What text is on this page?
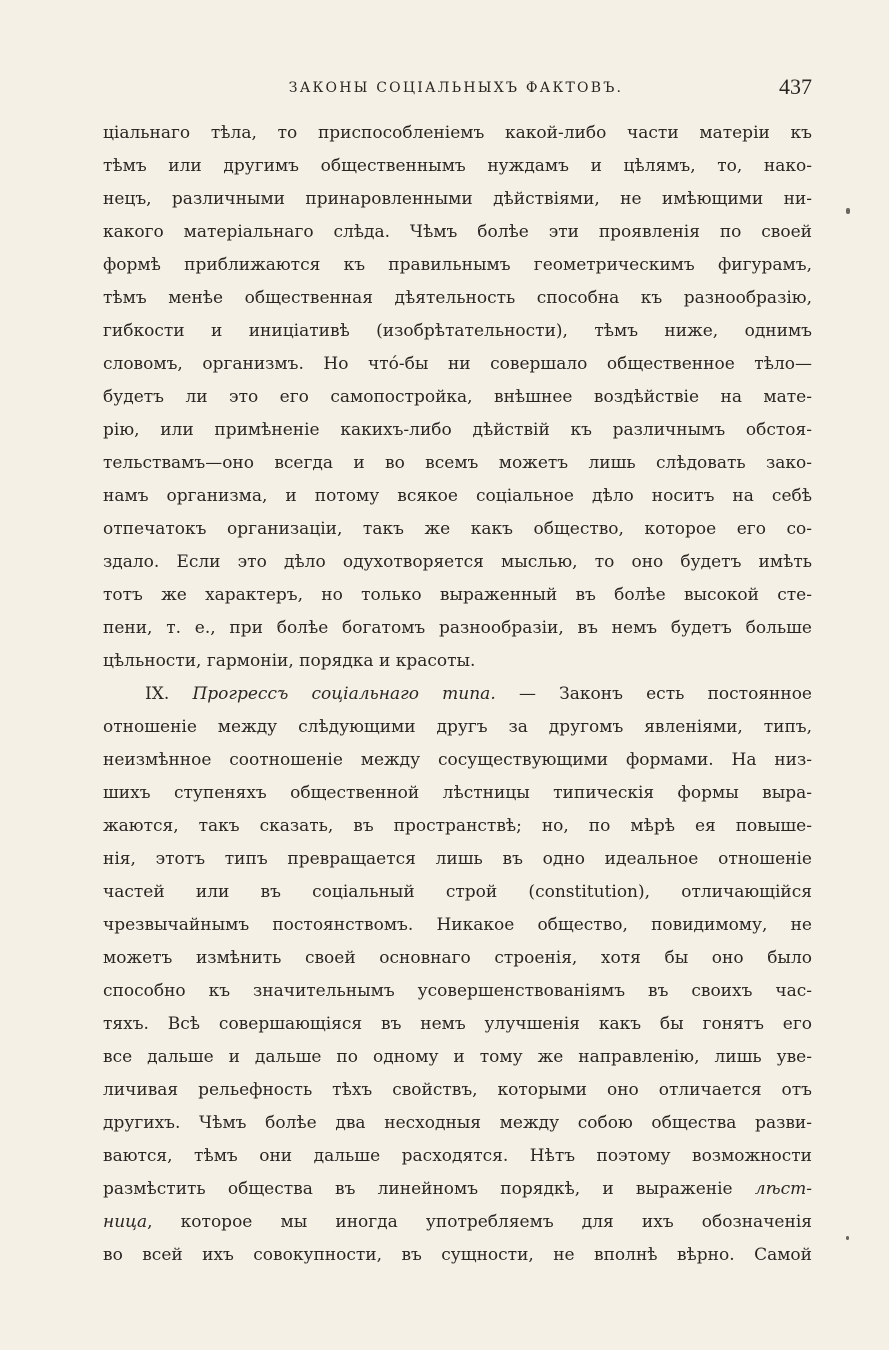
ЗАКОНЫ СОЦІАЛЬНЫХЪ ФАКТОВЪ.	437
ціальнаго тѣла, то приспособленіемъ какой-либо части матеріи къ
тѣмъ или другимъ общественнымъ нуждамъ и цѣлямъ, то, нако-
нецъ, различными принаровленными дѣйствіями, не имѣющими ни-
какого матеріальнаго слѣда. Чѣмъ болѣе эти проявленія по своей
формѣ приближаются къ правильнымъ геометрическимъ фигурамъ,
тѣмъ менѣе общественная дѣятельность способна къ разнообразію,
гибкости и иниціативѣ (изобрѣтательности), тѣмъ ниже, однимъ
словомъ, организмъ. Но чтó-бы ни совершало общественное тѣло—
будетъ ли это его самопостройка, внѣшнее воздѣйствіе на мате-
рію, или примѣненіе какихъ-либо дѣйствій къ различнымъ обстоя-
тельствамъ—оно всегда и во всемъ можетъ лишь слѣдовать зако-
намъ организма, и потому всякое соціальное дѣло носитъ на себѣ
отпечатокъ организаціи, такъ же какъ общество, которое его со-
здало. Если это дѣло одухотворяется мыслью, то оно будетъ имѣть
тотъ же характеръ, но только выраженный въ болѣе высокой сте-
пени, т. е., при болѣе богатомъ разнообразіи, въ немъ будетъ больше
цѣльности, гармоніи, порядка и красоты.
IX. Прогрессъ соціальнаго типа. — Законъ есть постоянное
отношеніе между слѣдующими другъ за другомъ явленіями, типъ,
неизмѣнное соотношеніе между сосуществующими формами. На низ-
шихъ ступеняхъ общественной лѣстницы типическія формы выра-
жаются, такъ сказать, въ пространствѣ; но, по мѣрѣ ея повыше-
нія, этотъ типъ превращается лишь въ одно идеальное отношеніе
частей или въ соціальный строй (constitution), отличающійся
чрезвычайнымъ постоянствомъ. Никакое общество, повидимому, не
можетъ измѣнить своей основнаго строенія, хотя бы оно было
способно къ значительнымъ усовершенствованіямъ въ своихъ час-
тяхъ. Всѣ совершающіяся въ немъ улучшенія какъ бы гонятъ его
все дальше и дальше по одному и тому же направленію, лишь уве-
личивая рельефность тѣхъ свойствъ, которыми оно отличается отъ
другихъ. Чѣмъ болѣе два несходныя между собою общества разви-
ваются, тѣмъ они дальше расходятся. Нѣтъ поэтому возможности
размѣстить общества въ линейномъ порядкѣ, и выраженіе лѣст-
ница, которое мы иногда употребляемъ для ихъ обозначенія
во всей ихъ совокупности, въ сущности, не вполнѣ вѣрно. Самой
